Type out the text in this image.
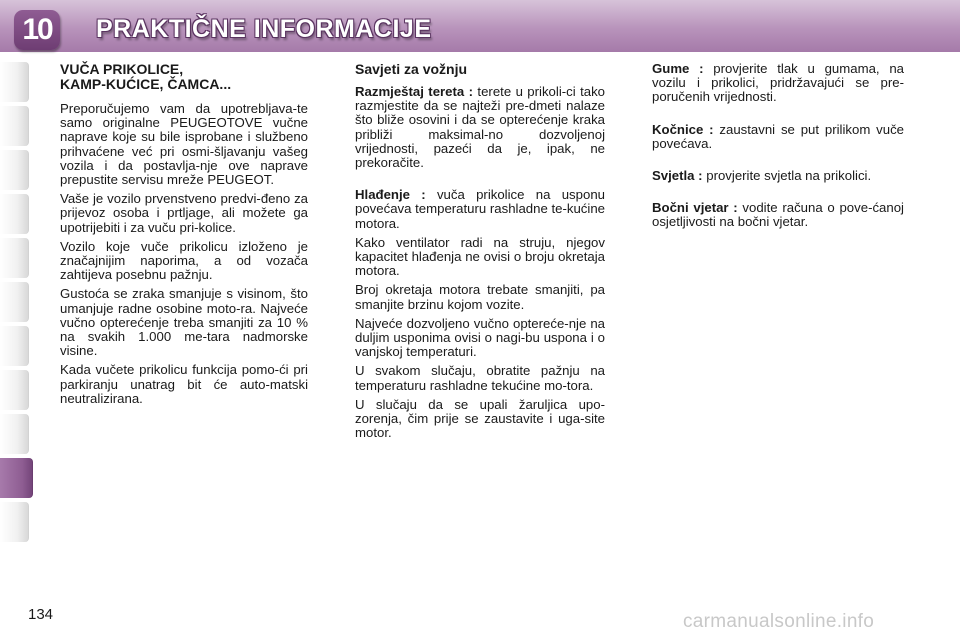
10	PRAKTIČNE INFORMACIJE
VUČA PRIKOLICE,
KAMP-KUĆICE, ČAMCA...

Preporučujemo vam da upotrebljava-te samo originalne PEUGEOTOVE vučne naprave koje su bile isprobane i službeno prihvaćene već pri osmi-šljavanju vašeg vozila i da postavlja-nje ove naprave prepustite servisu mreže PEUGEOT.

Vaše je vozilo prvenstveno predvi-đeno za prijevoz osoba i prtljage, ali možete ga upotrijebiti i za vuču pri-kolice.

Vozilo koje vuče prikolicu izloženo je značajnijim naporima, a od vozača zahtijeva posebnu pažnju.

Gustoća se zraka smanjuje s visinom, što umanjuje radne osobine moto-ra. Najveće vučno opterećenje treba smanjiti za 10 % na svakih 1.000 me-tara nadmorske visine.

Kada vučete prikolicu funkcija pomo-ći pri parkiranju unatrag bit će auto-matski neutralizirana.

Savjeti za vožnju

Razmještaj tereta : terete u prikoli-ci tako razmjestite da se najteži pre-dmeti nalaze što bliže osovini i da se opterećenje kraka približi maksimal-no dozvoljenoj vrijednosti, pazeći da je, ipak, ne prekoračite.

Hlađenje : vuča prikolice na usponu povećava temperaturu rashladne te-kućine motora.

Kako ventilator radi na struju, njegov kapacitet hlađenja ne ovisi o broju okretaja motora.

Broj okretaja motora trebate smanjiti, pa smanjite brzinu kojom vozite.

Najveće dozvoljeno vučno optereće-nje na duljim usponima ovisi o nagi-bu uspona i o vanjskoj temperaturi.

U svakom slučaju, obratite pažnju na temperaturu rashladne tekućine mo-tora.

U slučaju da se upali žaruljica upo-zorenja, čim prije se zaustavite i uga-site motor.

Gume : provjerite tlak u gumama, na vozilu i prikolici, pridržavajući se pre-poručenih vrijednosti.

Kočnice : zaustavni se put prilikom vuče povećava.

Svjetla : provjerite svjetla na prikolici.

Bočni vjetar : vodite računa o pove-ćanoj osjetljivosti na bočni vjetar.

134	carmanualsonline.info
